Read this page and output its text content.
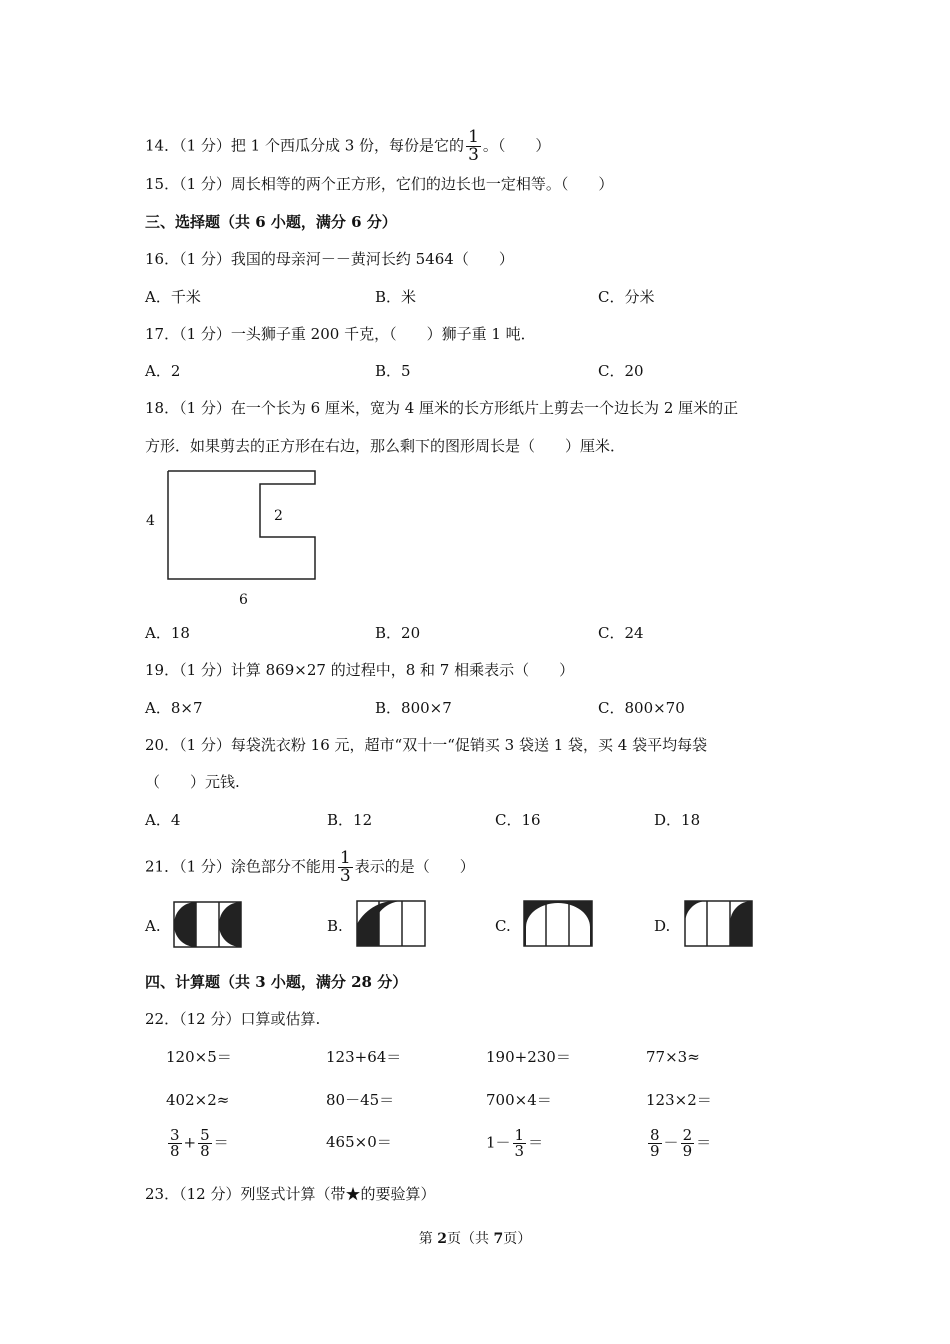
14．（1 分）把 1 个西瓜分成 3 份，每份是它的 $\frac{1}{3}$ 。（　　）
15．（1 分）周长相等的两个正方形，它们的边长也一定相等。（　　）
三、选择题（共 6 小题，满分 6 分）
16．（1 分）我国的母亲河－－黄河长约 5464（　　）
A．千米	B．米	C．分米
17．（1 分）一头狮子重 200 千克，（　　）狮子重 1 吨．
A．2	B．5	C．20
18．（1 分）在一个长为 6 厘米，宽为 4 厘米的长方形纸片上剪去一个边长为 2 厘米的正
方形．如果剪去的正方形在右边，那么剩下的图形周长是（　　）厘米．
4	2
6
A．18	B．20	C．24
19．（1 分）计算 869×27 的过程中，8 和 7 相乘表示（　　）
A．8×7	B．800×7	C．800×70
20．（1 分）每袋洗衣粉 16 元，超市“双十一“促销买 3 袋送 1 袋，买 4 袋平均每袋
（　　）元钱.
A．4	B．12	C．16	D．18
21．（1 分）涂色部分不能用 $\frac{1}{3}$ 表示的是（　　）
A.	B.	C.	D.
四、计算题（共 3 小题，满分 28 分）
22．（12 分）口算或估算.
120×5＝	123+64＝	190+230＝	77×3≈
402×2≈	80－45＝	700×4＝	123×2＝
$\frac{3}{8} + \frac{5}{8}$ ＝	465×0＝	$1- \frac{1}{3}$ ＝	$\frac{8}{9} - \frac{2}{9}$ ＝
23．（12 分）列竖式计算（带★的要验算）
第 2页（共 7页）
